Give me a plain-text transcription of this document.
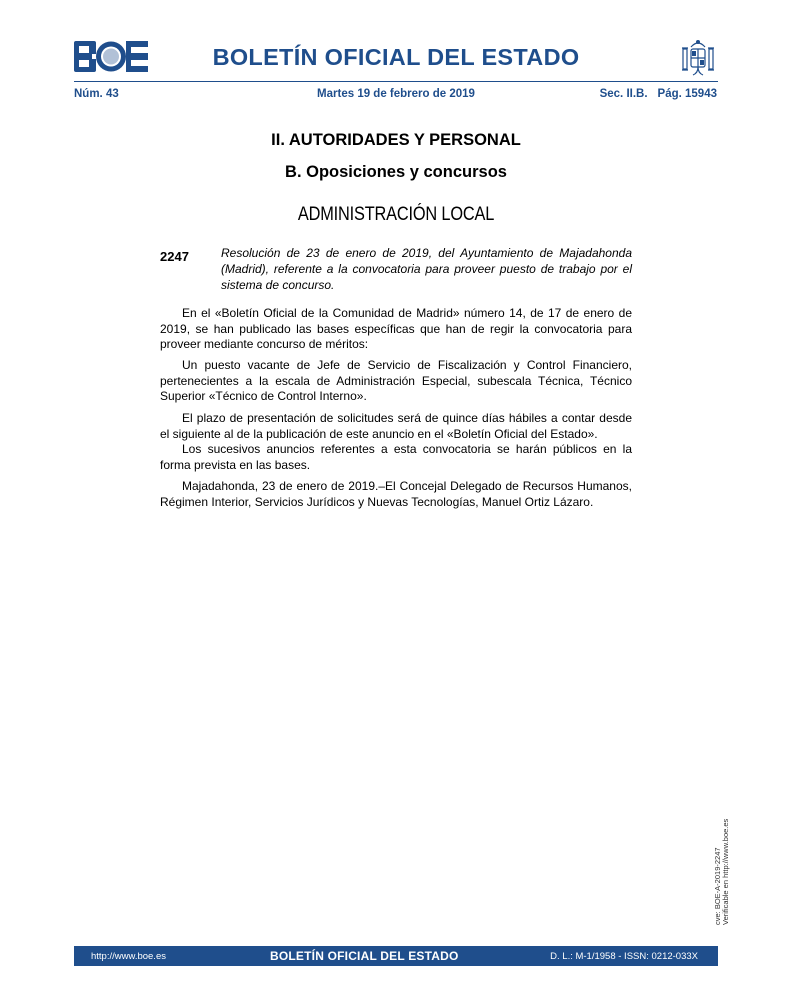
BOLETÍN OFICIAL DEL ESTADO
Núm. 43	Martes 19 de febrero de 2019	Sec. II.B. Pág. 15943
II. AUTORIDADES Y PERSONAL
B. Oposiciones y concursos
ADMINISTRACIÓN LOCAL
2247	Resolución de 23 de enero de 2019, del Ayuntamiento de Majadahonda (Madrid), referente a la convocatoria para proveer puesto de trabajo por el sistema de concurso.

En el «Boletín Oficial de la Comunidad de Madrid» número 14, de 17 de enero de 2019, se han publicado las bases específicas que han de regir la convocatoria para proveer mediante concurso de méritos:

Un puesto vacante de Jefe de Servicio de Fiscalización y Control Financiero, pertenecientes a la escala de Administración Especial, subescala Técnica, Técnico Superior «Técnico de Control Interno».

El plazo de presentación de solicitudes será de quince días hábiles a contar desde el siguiente al de la publicación de este anuncio en el «Boletín Oficial del Estado».

Los sucesivos anuncios referentes a esta convocatoria se harán públicos en la forma prevista en las bases.

Majadahonda, 23 de enero de 2019.–El Concejal Delegado de Recursos Humanos, Régimen Interior, Servicios Jurídicos y Nuevas Tecnologías, Manuel Ortiz Lázaro.

cve: BOE-A-2019-2247 Verificable en http://www.boe.es
http://www.boe.es	BOLETÍN OFICIAL DEL ESTADO	D. L.: M-1/1958 - ISSN: 0212-033X
